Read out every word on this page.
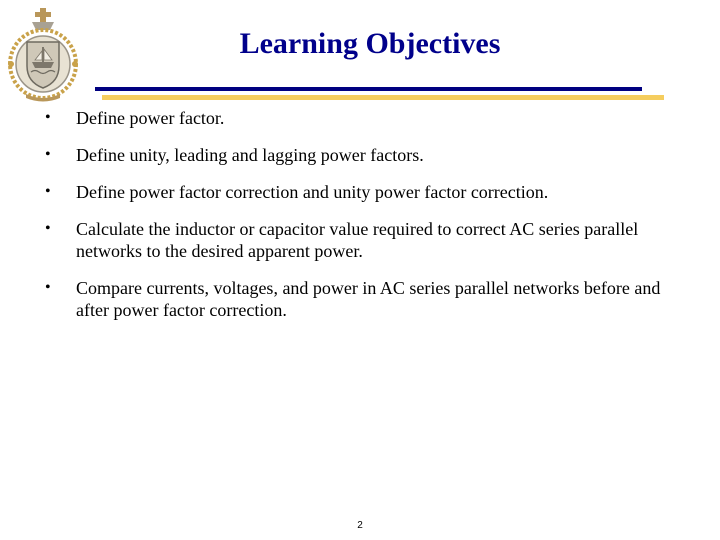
Learning Objectives
• Define power factor.
• Define unity, leading and lagging power factors.
• Define power factor correction and unity power factor correction.
• Calculate the inductor or capacitor value required to correct AC series parallel networks to the desired apparent power.
• Compare currents, voltages, and power in AC series parallel networks before and after power factor correction.
2
